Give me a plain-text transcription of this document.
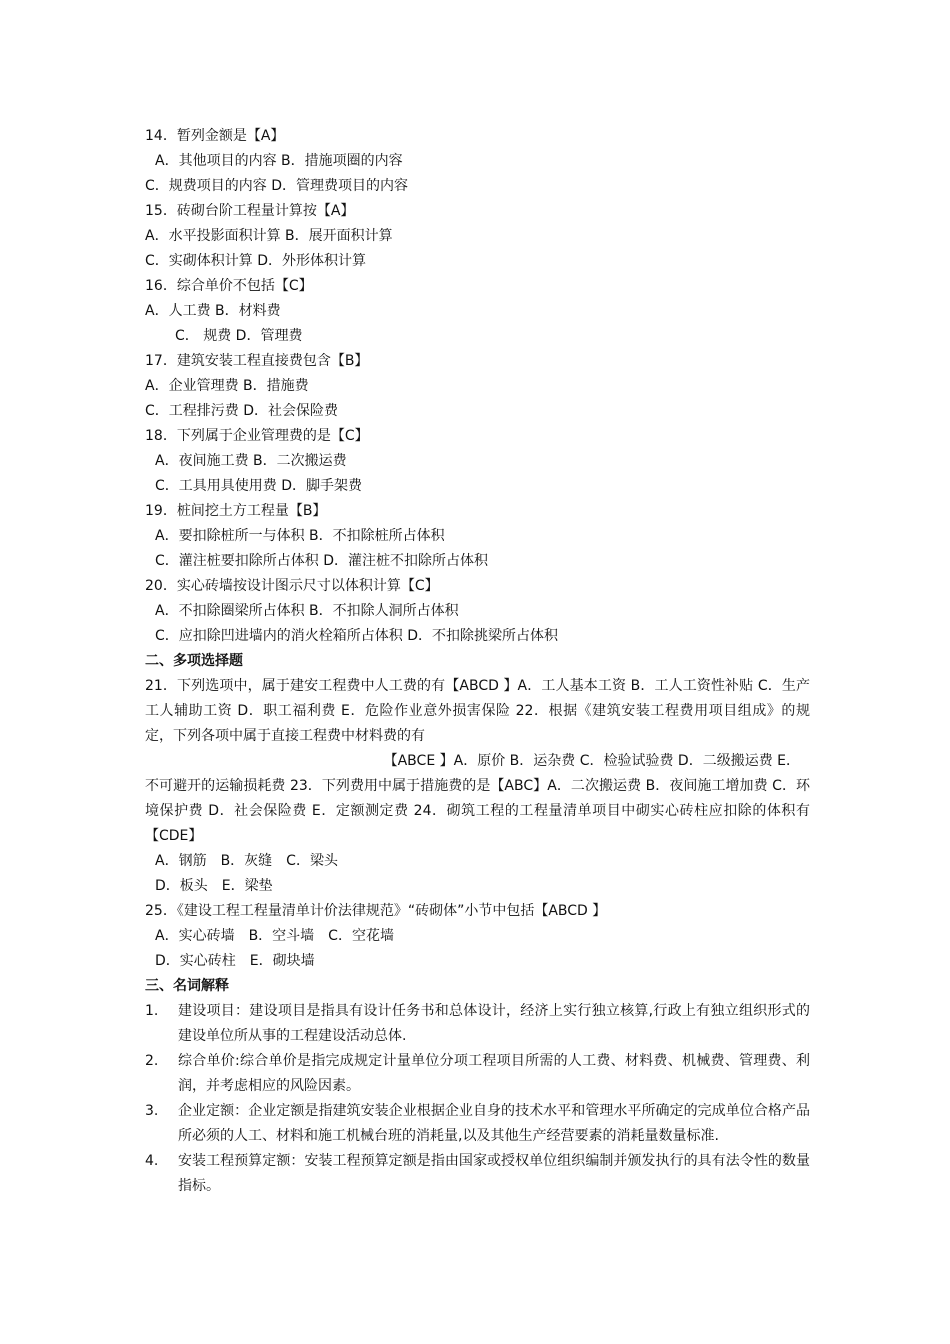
14．暂列金额是【A】
A．其他项目的内容 B．措施项圈的内容
C．规费项目的内容 D．管理费项目的内容
15．砖砌台阶工程量计算按【A】
A．水平投影面积计算 B．展开面积计算
C．实砌体积计算 D．外形体积计算
16．综合单价不包括【C】
A．人工费 B．材料费
C． 规费 D．管理费
17．建筑安装工程直接费包含【B】
A．企业管理费 B．措施费
C．工程排污费 D．社会保险费
18．下列属于企业管理费的是【C】
A．夜间施工费 B．二次搬运费
C．工具用具使用费 D．脚手架费
19．桩间挖土方工程量【B】
A．要扣除桩所一与体积 B．不扣除桩所占体积
C．灌注桩要扣除所占体积 D．灌注桩不扣除所占体积
20．实心砖墙按设计图示尺寸以体积计算【C】
A．不扣除圈梁所占体积 B．不扣除人洞所占体积
C．应扣除凹进墙内的消火栓箱所占体积 D．不扣除挑梁所占体积
二、多项选择题
21．下列选项中，属于建安工程费中人工费的有【ABCD 】A．工人基本工资 B．工人工资性补贴 C．生产工人辅助工资 D．职工福利费 E．危险作业意外损害保险 22．根据《建筑安装工程费用项目组成》的规定，下列各项中属于直接工程费中材料费的有
【ABCE 】A．原价 B．运杂费 C．检验试验费 D．二级搬运费 E．
不可避开的运输损耗费 23．下列费用中属于措施费的是【ABC】A．二次搬运费 B．夜间施工增加费 C．环境保护费 D．社会保险费 E．定额测定费 24．砌筑工程的工程量清单项目中砌实心砖柱应扣除的体积有【CDE】
A．钢筋　B．灰缝　C．梁头
D．板头　E．梁垫
25．《建设工程工程量清单计价法律规范》“砖砌体”小节中包括【ABCD 】
A．实心砖墙　B．空斗墙　C．空花墙
D．实心砖柱　E．砌块墙
三、名词解释
1.	建设项目：建设项目是指具有设计任务书和总体设计，经济上实行独立核算,行政上有独立组织形式的建设单位所从事的工程建设活动总体.
2.	综合单价:综合单价是指完成规定计量单位分项工程项目所需的人工费、材料费、机械费、管理费、利润，并考虑相应的风险因素。
3.	企业定额：企业定额是指建筑安装企业根据企业自身的技术水平和管理水平所确定的完成单位合格产品所必须的人工、材料和施工机械台班的消耗量,以及其他生产经营要素的消耗量数量标准.
4.	安装工程预算定额：安装工程预算定额是指由国家或授权单位组织编制并颁发执行的具有法令性的数量指标。
